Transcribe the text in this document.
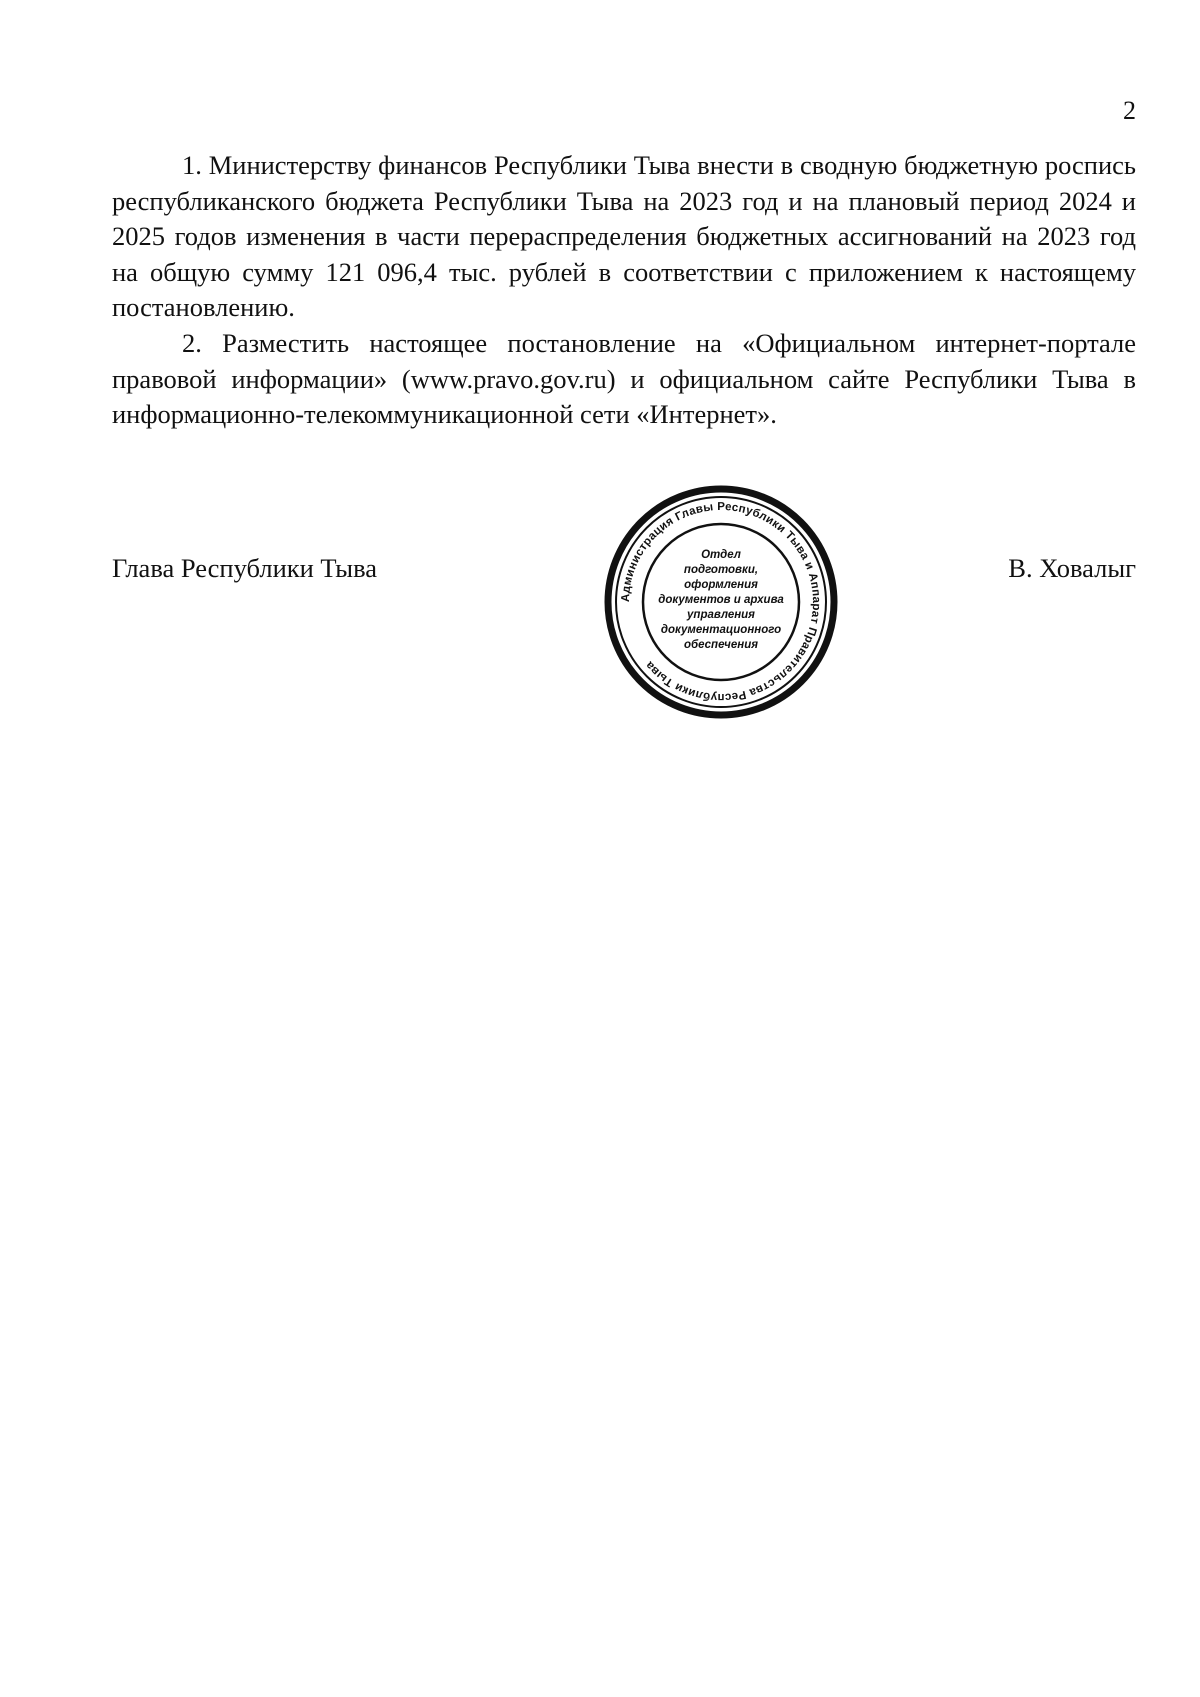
2

1. Министерству финансов Республики Тыва внести в сводную бюджетную роспись республиканского бюджета Республики Тыва на 2023 год и на плановый период 2024 и 2025 годов изменения в части перераспределения бюджетных ассигнований на 2023 год на общую сумму 121 096,4 тыс. рублей в соответствии с приложением к настоящему постановлению.

2. Разместить настоящее постановление на «Официальном интернет-портале правовой информации» (www.pravo.gov.ru) и официальном сайте Республики Тыва в информационно-телекоммуникационной сети «Интернет».

Глава Республики Тыва	В. Ховалыг
Администрация Главы Республики Тыва и Аппарат Правительства Республики Тыва
Отдел
подготовки,
оформления
документов и архива
управления
документационного
обеспечения
